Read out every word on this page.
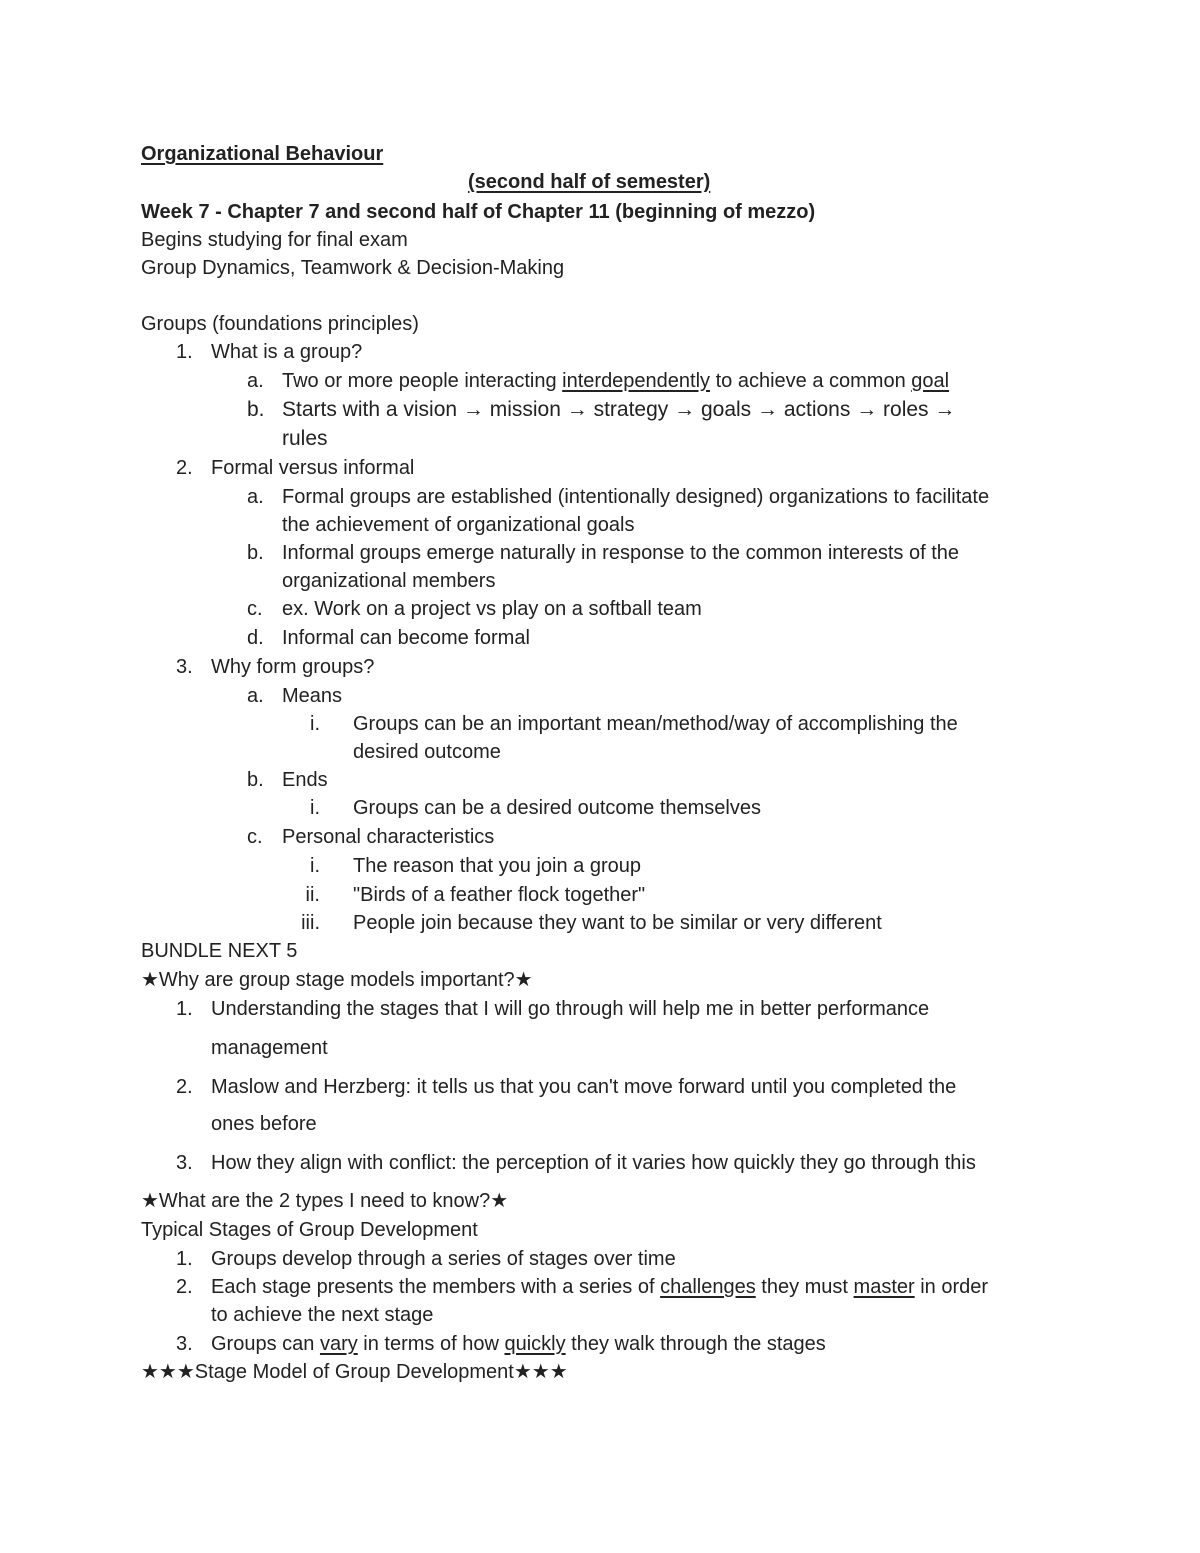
Organizational Behaviour
(second half of semester)
Week 7 - Chapter 7 and second half of Chapter 11 (beginning of mezzo)
Begins studying for final exam
Group Dynamics, Teamwork & Decision-Making
Groups (foundations principles)
1. What is a group?
a. Two or more people interacting interdependently to achieve a common goal
b. Starts with a vision → mission → strategy → goals → actions → roles →
rules
2. Formal versus informal
a. Formal groups are established (intentionally designed) organizations to facilitate
the achievement of organizational goals
b. Informal groups emerge naturally in response to the common interests of the
organizational members
c. ex. Work on a project vs play on a softball team
d. Informal can become formal
3. Why form groups?
a. Means
i. Groups can be an important mean/method/way of accomplishing the
desired outcome
b. Ends
i. Groups can be a desired outcome themselves
c. Personal characteristics
i. The reason that you join a group
ii. "Birds of a feather flock together"
iii. People join because they want to be similar or very different
BUNDLE NEXT 5
★Why are group stage models important?★
1. Understanding the stages that I will go through will help me in better performance
management
2. Maslow and Herzberg: it tells us that you can't move forward until you completed the
ones before
3. How they align with conflict: the perception of it varies how quickly they go through this
★What are the 2 types I need to know?★
Typical Stages of Group Development
1. Groups develop through a series of stages over time
2. Each stage presents the members with a series of challenges they must master in order
to achieve the next stage
3. Groups can vary in terms of how quickly they walk through the stages
★★★Stage Model of Group Development★★★
